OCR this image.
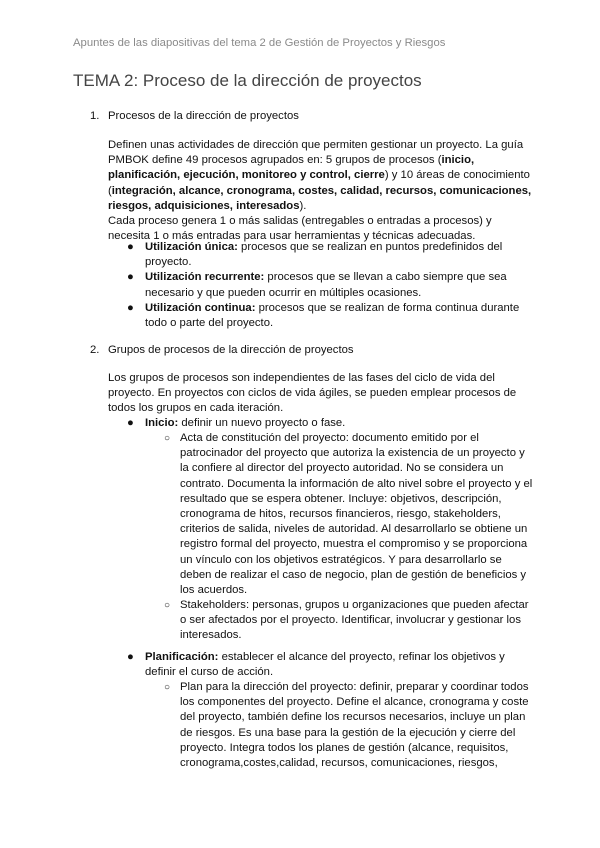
Apuntes de las diapositivas del tema 2 de Gestión de Proyectos y Riesgos
TEMA 2: Proceso de la dirección de proyectos
1. Procesos de la dirección de proyectos
Definen unas actividades de dirección que permiten gestionar un proyecto. La guía
PMBOK define 49 procesos agrupados en: 5 grupos de procesos (inicio,
planificación, ejecución, monitoreo y control, cierre) y 10 áreas de conocimiento
(integración, alcance, cronograma, costes, calidad, recursos, comunicaciones,
riesgos, adquisiciones, interesados).
Cada proceso genera 1 o más salidas (entregables o entradas a procesos) y
necesita 1 o más entradas para usar herramientas y técnicas adecuadas.
● Utilización única: procesos que se realizan en puntos predefinidos del
proyecto.
● Utilización recurrente: procesos que se llevan a cabo siempre que sea
necesario y que pueden ocurrir en múltiples ocasiones.
● Utilización continua: procesos que se realizan de forma continua durante
todo o parte del proyecto.
2. Grupos de procesos de la dirección de proyectos
Los grupos de procesos son independientes de las fases del ciclo de vida del
proyecto. En proyectos con ciclos de vida ágiles, se pueden emplear procesos de
todos los grupos en cada iteración.
● Inicio: definir un nuevo proyecto o fase.
○ Acta de constitución del proyecto: documento emitido por el
patrocinador del proyecto que autoriza la existencia de un proyecto y
la confiere al director del proyecto autoridad. No se considera un
contrato. Documenta la información de alto nivel sobre el proyecto y el
resultado que se espera obtener. Incluye: objetivos, descripción,
cronograma de hitos, recursos financieros, riesgo, stakeholders,
criterios de salida, niveles de autoridad. Al desarrollarlo se obtiene un
registro formal del proyecto, muestra el compromiso y se proporciona
un vínculo con los objetivos estratégicos. Y para desarrollarlo se
deben de realizar el caso de negocio, plan de gestión de beneficios y
los acuerdos.
○ Stakeholders: personas, grupos u organizaciones que pueden afectar
o ser afectados por el proyecto. Identificar, involucrar y gestionar los
interesados.
● Planificación: establecer el alcance del proyecto, refinar los objetivos y
definir el curso de acción.
○ Plan para la dirección del proyecto: definir, preparar y coordinar todos
los componentes del proyecto. Define el alcance, cronograma y coste
del proyecto, también define los recursos necesarios, incluye un plan
de riesgos. Es una base para la gestión de la ejecución y cierre del
proyecto. Integra todos los planes de gestión (alcance, requisitos,
cronograma,costes,calidad, recursos, comunicaciones, riesgos,
